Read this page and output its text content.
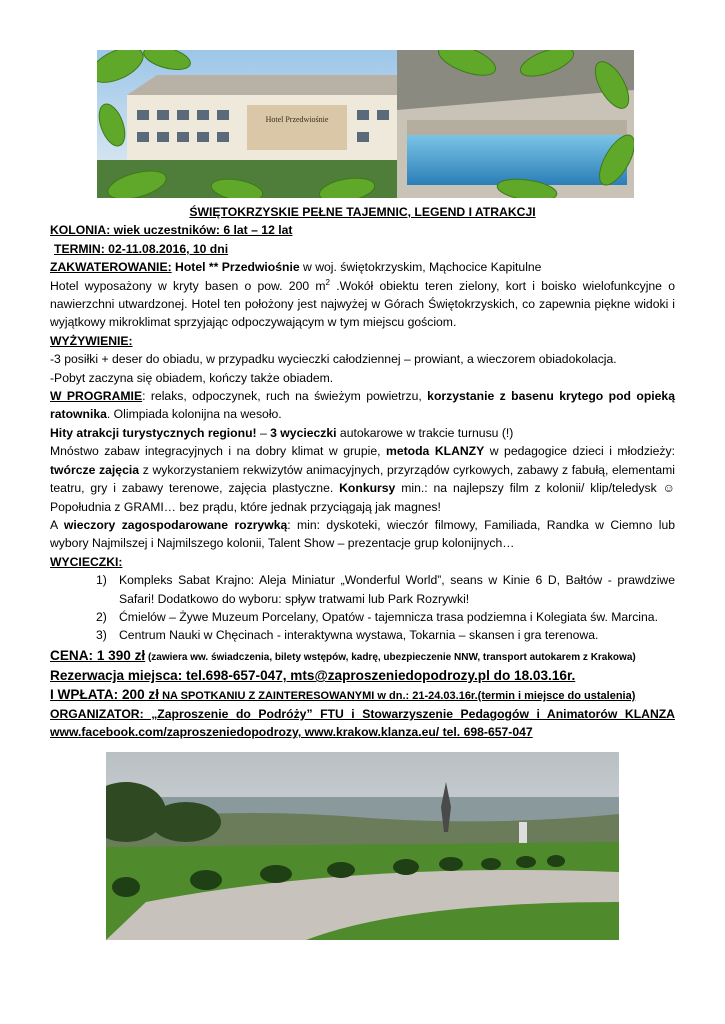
Hotel Przedwiośnie

ŚWIĘTOKRZYSKIE PEŁNE TAJEMNIC, LEGEND I ATRAKCJI

KOLONIA: wiek uczestników: 6 lat – 12 lat

TERMIN: 02-11.08.2016, 10 dni

ZAKWATEROWANIE: Hotel ** Przedwiośnie w woj. świętokrzyskim, Mąchocice Kapitulne

Hotel wyposażony w kryty basen o pow. 200 $m^2$ .Wokół obiektu teren zielony, kort i boisko wielofunkcyjne o nawierzchni utwardzonej. Hotel ten położony jest najwyżej w Górach Świętokrzyskich, co zapewnia piękne widoki i wyjątkowy mikroklimat sprzyjając odpoczywającym w tym miejscu gościom.

WYŻYWIENIE:

-3 posiłki + deser do obiadu, w przypadku wycieczki całodziennej – prowiant, a wieczorem obiadokolacja.

-Pobyt zaczyna się obiadem, kończy także obiadem.

W PROGRAMIE: relaks, odpoczynek, ruch na świeżym powietrzu, korzystanie z basenu krytego pod opieką ratownika. Olimpiada kolonijna na wesoło.

Hity atrakcji turystycznych regionu! – 3 wycieczki autokarowe w trakcie turnusu (!)

Mnóstwo zabaw integracyjnych i na dobry klimat w grupie, metoda KLANZY w pedagogice dzieci i młodzieży: twórcze zajęcia z wykorzystaniem rekwizytów animacyjnych, przyrządów cyrkowych, zabawy z fabułą, elementami teatru, gry i zabawy terenowe, zajęcia plastyczne. Konkursy min.: na najlepszy film z kolonii/ klip/teledysk ☺ Popołudnia z GRAMI… bez prądu, które jednak przyciągają jak magnes!

A wieczory zagospodarowane rozrywką: min: dyskoteki, wieczór filmowy, Familiada, Randka w Ciemno lub wybory Najmilszej i Najmilszego kolonii, Talent Show – prezentacje grup kolonijnych…

WYCIECZKI:

1) Kompleks Sabat Krajno: Aleja Miniatur „Wonderful World”, seans w Kinie 6 D, Bałtów - prawdziwe Safari! Dodatkowo do wyboru: spływ tratwami lub Park Rozrywki!
2) Ćmielów – Żywe Muzeum Porcelany, Opatów - tajemnicza trasa podziemna i Kolegiata św. Marcina.
3) Centrum Nauki w Chęcinach - interaktywna wystawa, Tokarnia – skansen i gra terenowa.

CENA: 1 390 zł (zawiera ww. świadczenia, bilety wstępów, kadrę, ubezpieczenie NNW, transport autokarem z Krakowa)

Rezerwacja miejsca: tel.698-657-047, mts@zaproszeniedopodrozy.pl do 18.03.16r.

I WPŁATA: 200 zł NA SPOTKANIU Z ZAINTERESOWANYMI w dn.: 21-24.03.16r.(termin i miejsce do ustalenia)

ORGANIZATOR: „Zaproszenie do Podróży” FTU i Stowarzyszenie Pedagogów i Animatorów KLANZA

www.facebook.com/zaproszeniedopodrozy, www.krakow.klanza.eu/ tel. 698-657-047
